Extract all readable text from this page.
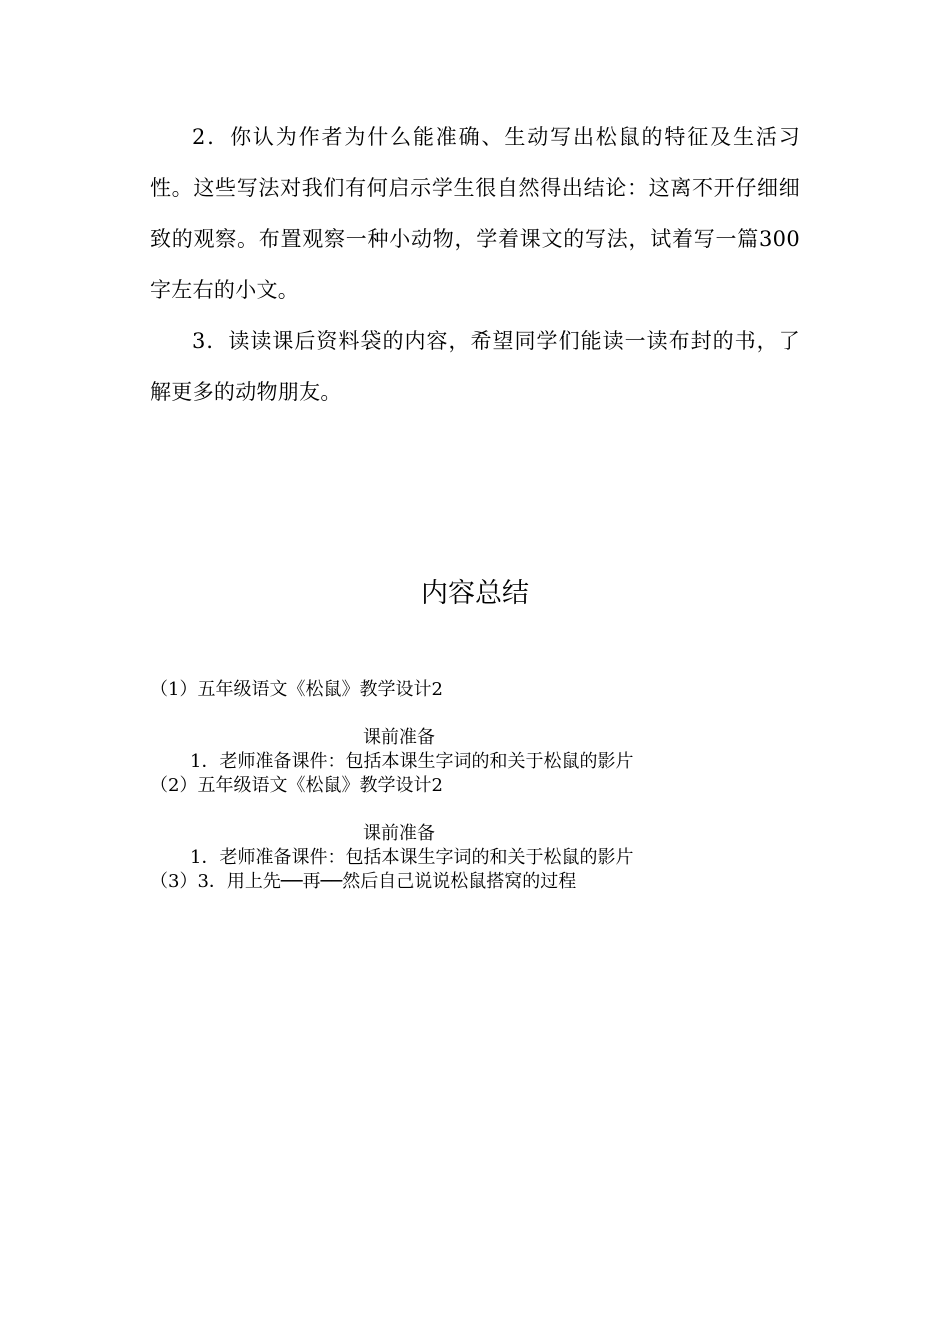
2．你认为作者为什么能准确、生动写出松鼠的特征及生活习性。这些写法对我们有何启示学生很自然得出结论：这离不开仔细细致的观察。布置观察一种小动物，学着课文的写法，试着写一篇300字左右的小文。

3．读读课后资料袋的内容，希望同学们能读一读布封的书，了解更多的动物朋友。

内容总结
（1）五年级语文《松鼠》教学设计2
课前准备
1．老师准备课件：包括本课生字词的和关于松鼠的影片
（2）五年级语文《松鼠》教学设计2
课前准备
1．老师准备课件：包括本课生字词的和关于松鼠的影片
（3）3．用上先──再──然后自己说说松鼠搭窝的过程
